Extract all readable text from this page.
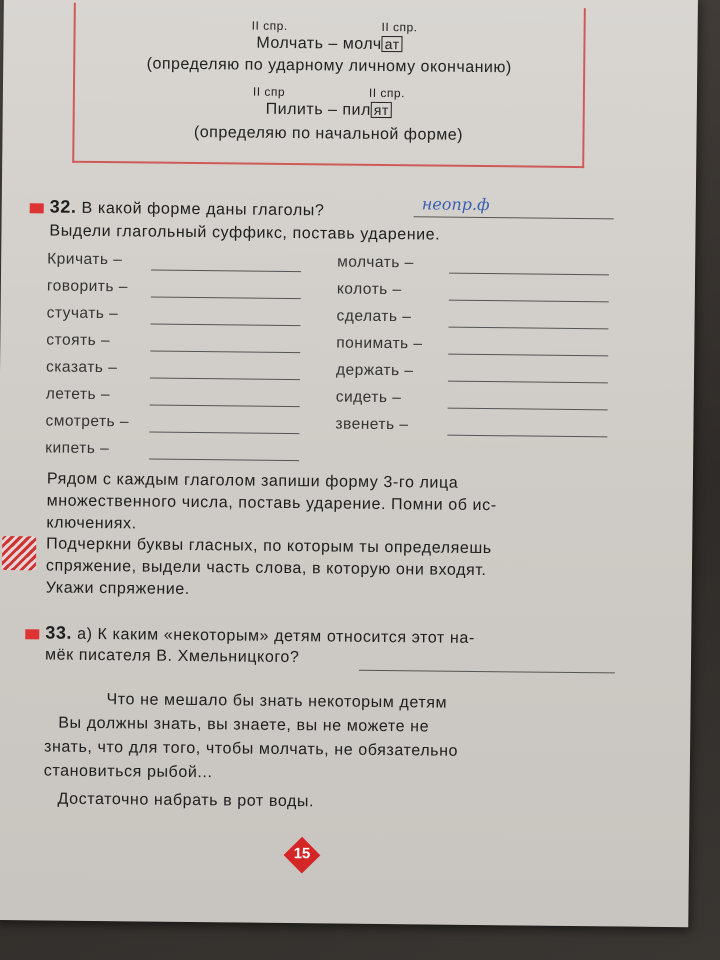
II спр.	II спр.
Молчать – молч ат
(определяю по ударному личному окончанию)
II спр	II спр.
Пилить – пил ят
(определяю по начальной форме)
32. В какой форме даны глаголы?	неопр.ф
Выдели глагольный суффикс, поставь ударение.
Кричать –
говорить –
стучать –
стоять –
сказать –
лететь –
смотреть –
кипеть –
молчать –
колоть –
сделать –
понимать –
держать –
сидеть –
звенеть –
Рядом с каждым глаголом запиши форму 3-го лица
множественного числа, поставь ударение. Помни об ис-
ключениях.
Подчеркни буквы гласных, по которым ты определяешь
спряжение, выдели часть слова, в которую они входят.
Укажи спряжение.
33. а) К каким «некоторым» детям относится этот на-
мёк писателя В. Хмельницкого?
Что не мешало бы знать некоторым детям
Вы должны знать, вы знаете, вы не можете не
знать, что для того, чтобы молчать, не обязательно
становиться рыбой...
Достаточно набрать в рот воды.
15
